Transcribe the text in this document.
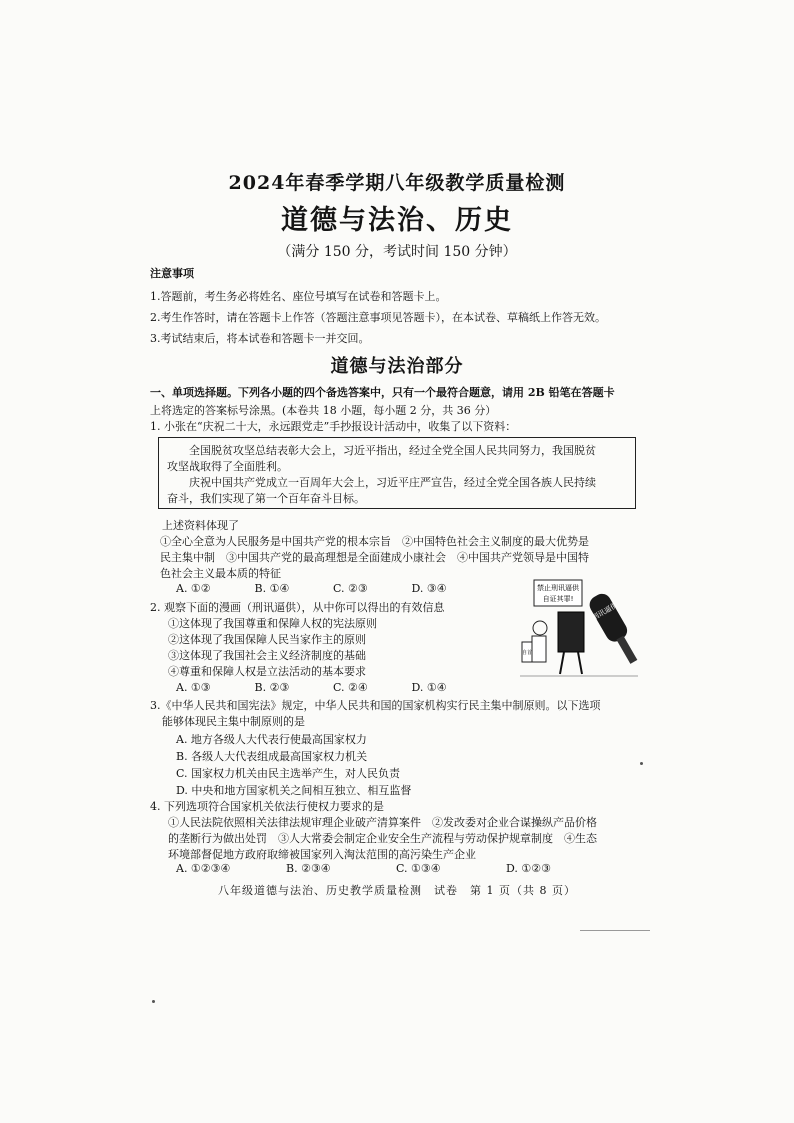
2024年春季学期八年级教学质量检测
道德与法治、历史
（满分 150 分，考试时间 150 分钟）
注意事项
1.答题前，考生务必将姓名、座位号填写在试卷和答题卡上。
2.考生作答时，请在答题卡上作答（答题注意事项见答题卡），在本试卷、草稿纸上作答无效。
3.考试结束后，将本试卷和答题卡一并交回。
道德与法治部分
一、单项选择题。下列各小题的四个备选答案中，只有一个最符合题意，请用 2B 铅笔在答题卡
上将选定的答案标号涂黑。(本卷共 18 小题，每小题 2 分，共 36 分）
1. 小张在“庆祝二十大，永远跟党走”手抄报设计活动中，收集了以下资料：
全国脱贫攻坚总结表彰大会上，习近平指出，经过全党全国人民共同努力，我国脱贫
攻坚战取得了全面胜利。
庆祝中国共产党成立一百周年大会上，习近平庄严宣告，经过全党全国各族人民持续
奋斗，我们实现了第一个百年奋斗目标。
上述资料体现了
①全心全意为人民服务是中国共产党的根本宗旨　②中国特色社会主义制度的最大优势是
民主集中制　③中国共产党的最高理想是全面建成小康社会　④中国共产党领导是中国特
色社会主义最本质的特征
A. ①②	B. ①④	C. ②③	D. ③④
2. 观察下面的漫画（刑讯逼供），从中你可以得出的有效信息
①这体现了我国尊重和保障人权的宪法原则
②这体现了我国保障人民当家作主的原则
③这体现了我国社会主义经济制度的基础
④尊重和保障人权是立法活动的基本要求
A. ①③	B. ②③	C. ②④	D. ①④
禁止刑讯逼供
自证其罪!
自首
刑讯逼供
3.《中华人民共和国宪法》规定，中华人民共和国的国家机构实行民主集中制原则。以下选项
能够体现民主集中制原则的是
A. 地方各级人大代表行使最高国家权力
B. 各级人大代表组成最高国家权力机关
C. 国家权力机关由民主选举产生，对人民负责
D. 中央和地方国家机关之间相互独立、相互监督
4. 下列选项符合国家机关依法行使权力要求的是
①人民法院依照相关法律法规审理企业破产清算案件　②发改委对企业合谋操纵产品价格
的垄断行为做出处罚　③人大常委会制定企业安全生产流程与劳动保护规章制度　④生态
环境部督促地方政府取缔被国家列入淘汰范围的高污染生产企业
A. ①②③④	B. ②③④	C. ①③④	D. ①②③
八年级道德与法治、历史教学质量检测　试卷　第 1 页（共 8 页）
